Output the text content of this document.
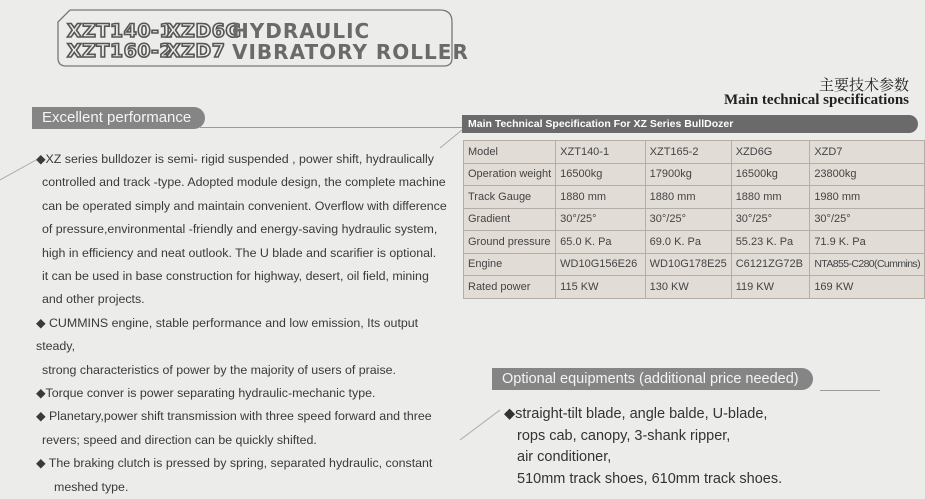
XZT140-1
XZD6G
HYDRAULIC
XZT160-2
XZD7 VIBRATORY ROLLER
Excellent performance

◆XZ series bulldozer is semi- rigid suspended , power shift, hydraulically

controlled and track -type. Adopted module design, the complete machine

can be operated simply and maintain convenient. Overflow with difference

of pressure,environmental -friendly and energy-saving hydraulic system,

high in efficiency and neat outlook. The U blade and scarifier is optional.

it can be used in base construction for highway, desert, oil field, mining

and other projects.

◆ CUMMINS engine, stable performance and low emission, Its output steady,

strong characteristics of power by the majority of users of praise.

◆Torque conver is power separating hydraulic-mechanic type.

◆ Planetary,power shift transmission with three speed forward and three

revers; speed and direction can be quickly shifted.

◆ The braking clutch is pressed by spring, separated hydraulic, constant

meshed type.

主要技术参数
Main technical specifications
Main Technical Specification For XZ Series BullDozer
Model	XZT140-1	XZT165-2	XZD6G	XZD7
Operation weight	16500kg	17900kg	16500kg	23800kg
Track Gauge	1880 mm	1880 mm	1880 mm	1980 mm
Gradient	30°/25°	30°/25°	30°/25°	30°/25°
Ground pressure	65.0 K. Pa	69.0 K. Pa	55.23 K. Pa	71.9 K. Pa
Engine	WD10G156E26	WD10G178E25	C6121ZG72B	NTA855-C280(Cummins)
Rated power	115 KW	130 KW	119 KW	169 KW
Optional equipments (additional price needed)

◆straight-tilt blade, angle balde, U-blade,

rops cab, canopy, 3-shank ripper,

air conditioner,

510mm track shoes, 610mm track shoes.
